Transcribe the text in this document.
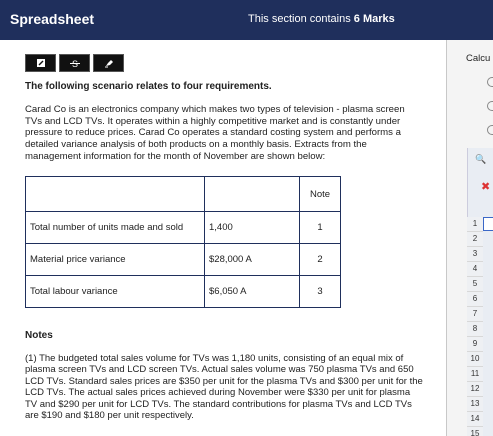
Spreadsheet	This section contains 6 Marks
S
The following scenario relates to four requirements.
Carad Co is an electronics company which makes two types of television - plasma screen TVs and LCD TVs. It operates within a highly competitive market and is constantly under pressure to reduce prices. Carad Co operates a standard costing system and performs a detailed variance analysis of both products on a monthly basis. Extracts from the management information for the month of November are shown below:
		Note
Total number of units made and sold	1,400	1
Material price variance	$28,000 A	2
Total labour variance	$6,050 A	3
Notes
(1) The budgeted total sales volume for TVs was 1,180 units, consisting of an equal mix of plasma screen TVs and LCD screen TVs. Actual sales volume was 750 plasma TVs and 650 LCD TVs. Standard sales prices are $350 per unit for the plasma TVs and $300 per unit for the LCD TVs. The actual sales prices achieved during November were $330 per unit for plasma TV and $290 per unit for LCD TVs. The standard contributions for plasma TVs and LCD TVs are $190 and $180 per unit respectively.
Calcu
🔍
✖
1
2
3
4
5
6
7
8
9
10
11
12
13
14
15
